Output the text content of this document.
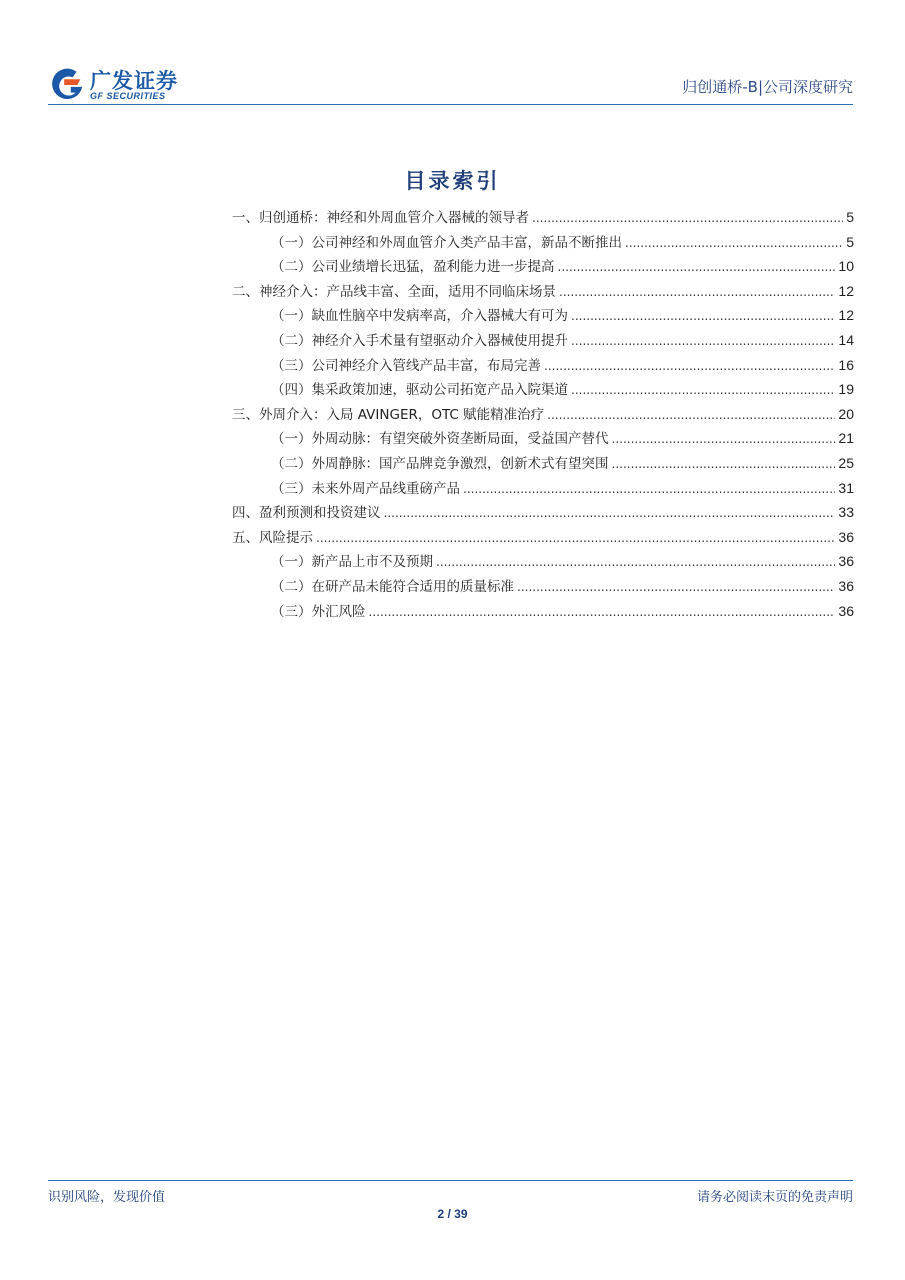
广发证券
GF SECURITIES	归创通桥-B|公司深度研究
目录索引
一、归创通桥：神经和外周血管介入器械的领导者 .....	5
（一）公司神经和外周血管介入类产品丰富，新品不断推出 .....	5
（二）公司业绩增长迅猛，盈利能力进一步提高 .....	10
二、神经介入：产品线丰富、全面，适用不同临床场景 .....	12
（一）缺血性脑卒中发病率高，介入器械大有可为 .....	12
（二）神经介入手术量有望驱动介入器械使用提升 .....	14
（三）公司神经介入管线产品丰富，布局完善 .....	16
（四）集采政策加速，驱动公司拓宽产品入院渠道 .....	19
三、外周介入：入局 AVINGER，OTC 赋能精准治疗 .....	20
（一）外周动脉：有望突破外资垄断局面，受益国产替代 .....	21
（二）外周静脉：国产品牌竞争激烈，创新术式有望突围 .....	25
（三）未来外周产品线重磅产品 .....	31
四、盈利预测和投资建议 .....	33
五、风险提示 .....	36
（一）新产品上市不及预期 .....	36
（二）在研产品未能符合适用的质量标准 .....	36
（三）外汇风险 .....	36
识别风险，发现价值	请务必阅读末页的免责声明
2 / 39
